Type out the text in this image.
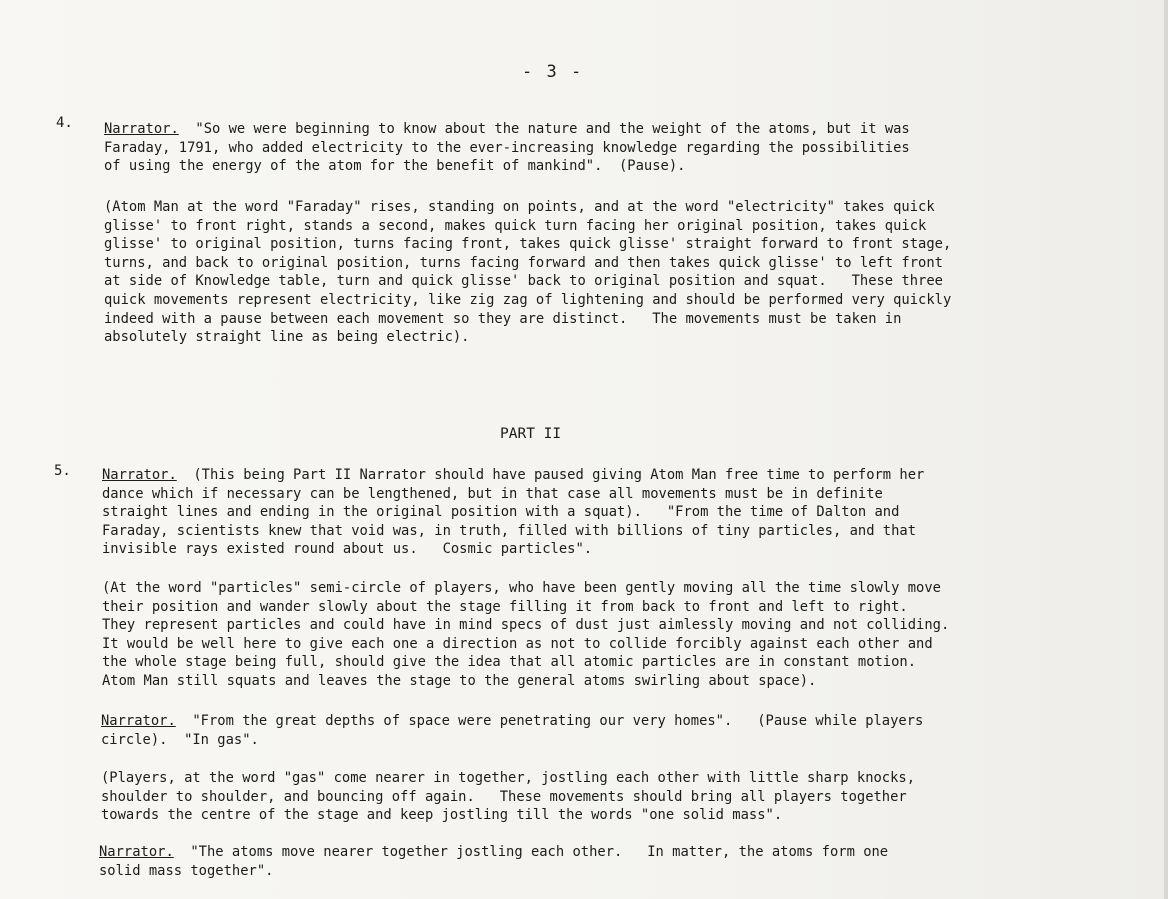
- 3 -
4. Narrator. "So we were beginning to know about the nature and the weight of the atoms, but it was
Faraday, 1791, who added electricity to the ever-increasing knowledge regarding the possibilities
of using the energy of the atom for the benefit of mankind".  (Pause).
(Atom Man at the word "Faraday" rises, standing on points, and at the word "electricity" takes quick
glisse' to front right, stands a second, makes quick turn facing her original position, takes quick
glisse' to original position, turns facing front, takes quick glisse' straight forward to front stage,
turns, and back to original position, turns facing forward and then takes quick glisse' to left front
at side of Knowledge table, turn and quick glisse' back to original position and squat.   These three
quick movements represent electricity, like zig zag of lightening and should be performed very quickly
indeed with a pause between each movement so they are distinct.   The movements must be taken in
absolutely straight line as being electric).
PART II
5. Narrator.  (This being Part II Narrator should have paused giving Atom Man free time to perform her
dance which if necessary can be lengthened, but in that case all movements must be in definite
straight lines and ending in the original position with a squat).   "From the time of Dalton and
Faraday, scientists knew that void was, in truth, filled with billions of tiny particles, and that
invisible rays existed round about us.   Cosmic particles".
(At the word "particles" semi-circle of players, who have been gently moving all the time slowly move
their position and wander slowly about the stage filling it from back to front and left to right.
They represent particles and could have in mind specs of dust just aimlessly moving and not colliding.
It would be well here to give each one a direction as not to collide forcibly against each other and
the whole stage being full, should give the idea that all atomic particles are in constant motion.
Atom Man still squats and leaves the stage to the general atoms swirling about space).
Narrator.  "From the great depths of space were penetrating our very homes".   (Pause while players
circle).  "In gas".
(Players, at the word "gas" come nearer in together, jostling each other with little sharp knocks,
shoulder to shoulder, and bouncing off again.   These movements should bring all players together
towards the centre of the stage and keep jostling till the words "one solid mass".
Narrator.  "The atoms move nearer together jostling each other.   In matter, the atoms form one
solid mass together".
